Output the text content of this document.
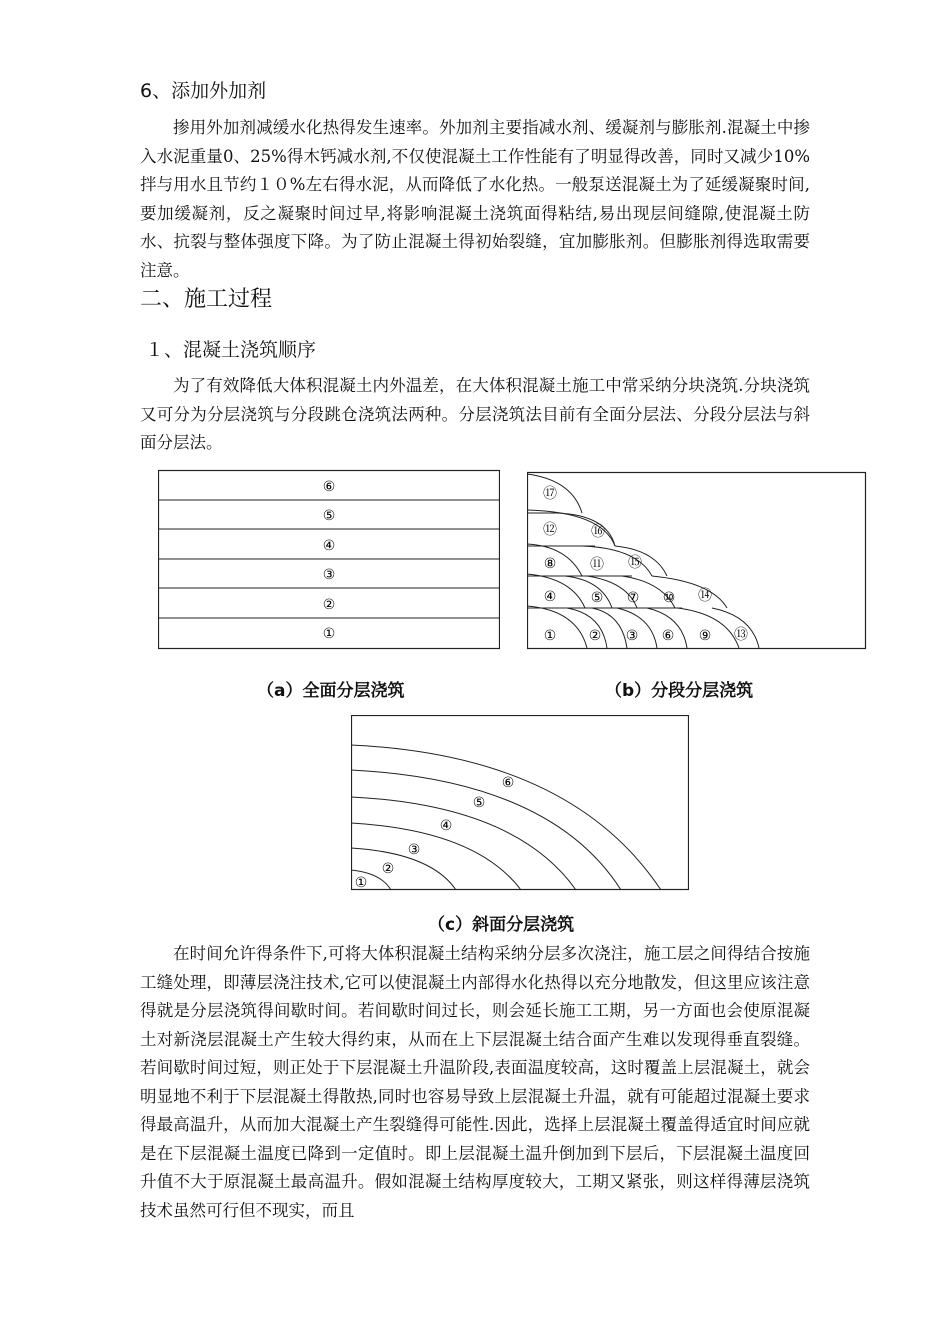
6、添加外加剂

掺用外加剂减缓水化热得发生速率。外加剂主要指减水剂、缓凝剂与膨胀剂.混凝土中掺入水泥重量0、25%得木钙减水剂,不仅使混凝土工作性能有了明显得改善，同时又减少10%拌与用水且节约１０%左右得水泥，从而降低了水化热。一般泵送混凝土为了延缓凝聚时间,要加缓凝剂，反之凝聚时间过早,将影响混凝土浇筑面得粘结,易出现层间缝隙,使混凝土防水、抗裂与整体强度下降。为了防止混凝土得初始裂缝，宜加膨胀剂。但膨胀剂得选取需要注意。

二、施工过程
１、混凝土浇筑顺序

为了有效降低大体积混凝土内外温差，在大体积混凝土施工中常采纳分块浇筑.分块浇筑又可分为分层浇筑与分段跳仓浇筑法两种。分层浇筑法目前有全面分层法、分段分层法与斜面分层法。

⑥
⑤
④
③
②
①
⑰
⑫ ⑯
⑧ ⑪ ⑮
④ ⑤ ⑦ ⑩ ⑭
① ② ③ ⑥ ⑨ ⑬
（a）全面分层浇筑	（b）分段分层浇筑
①
②
③
④
⑤
⑥
（c）斜面分层浇筑

在时间允许得条件下,可将大体积混凝土结构采纳分层多次浇注，施工层之间得结合按施工缝处理，即薄层浇注技术,它可以使混凝土内部得水化热得以充分地散发，但这里应该注意得就是分层浇筑得间歇时间。若间歇时间过长，则会延长施工工期，另一方面也会使原混凝土对新浇层混凝土产生较大得约束，从而在上下层混凝土结合面产生难以发现得垂直裂缝。若间歇时间过短，则正处于下层混凝土升温阶段,表面温度较高，这时覆盖上层混凝土，就会明显地不利于下层混凝土得散热,同时也容易导致上层混凝土升温，就有可能超过混凝土要求得最高温升，从而加大混凝土产生裂缝得可能性.因此，选择上层混凝土覆盖得适宜时间应就是在下层混凝土温度已降到一定值时。即上层混凝土温升倒加到下层后，下层混凝土温度回升值不大于原混凝土最高温升。假如混凝土结构厚度较大，工期又紧张，则这样得薄层浇筑技术虽然可行但不现实，而且
